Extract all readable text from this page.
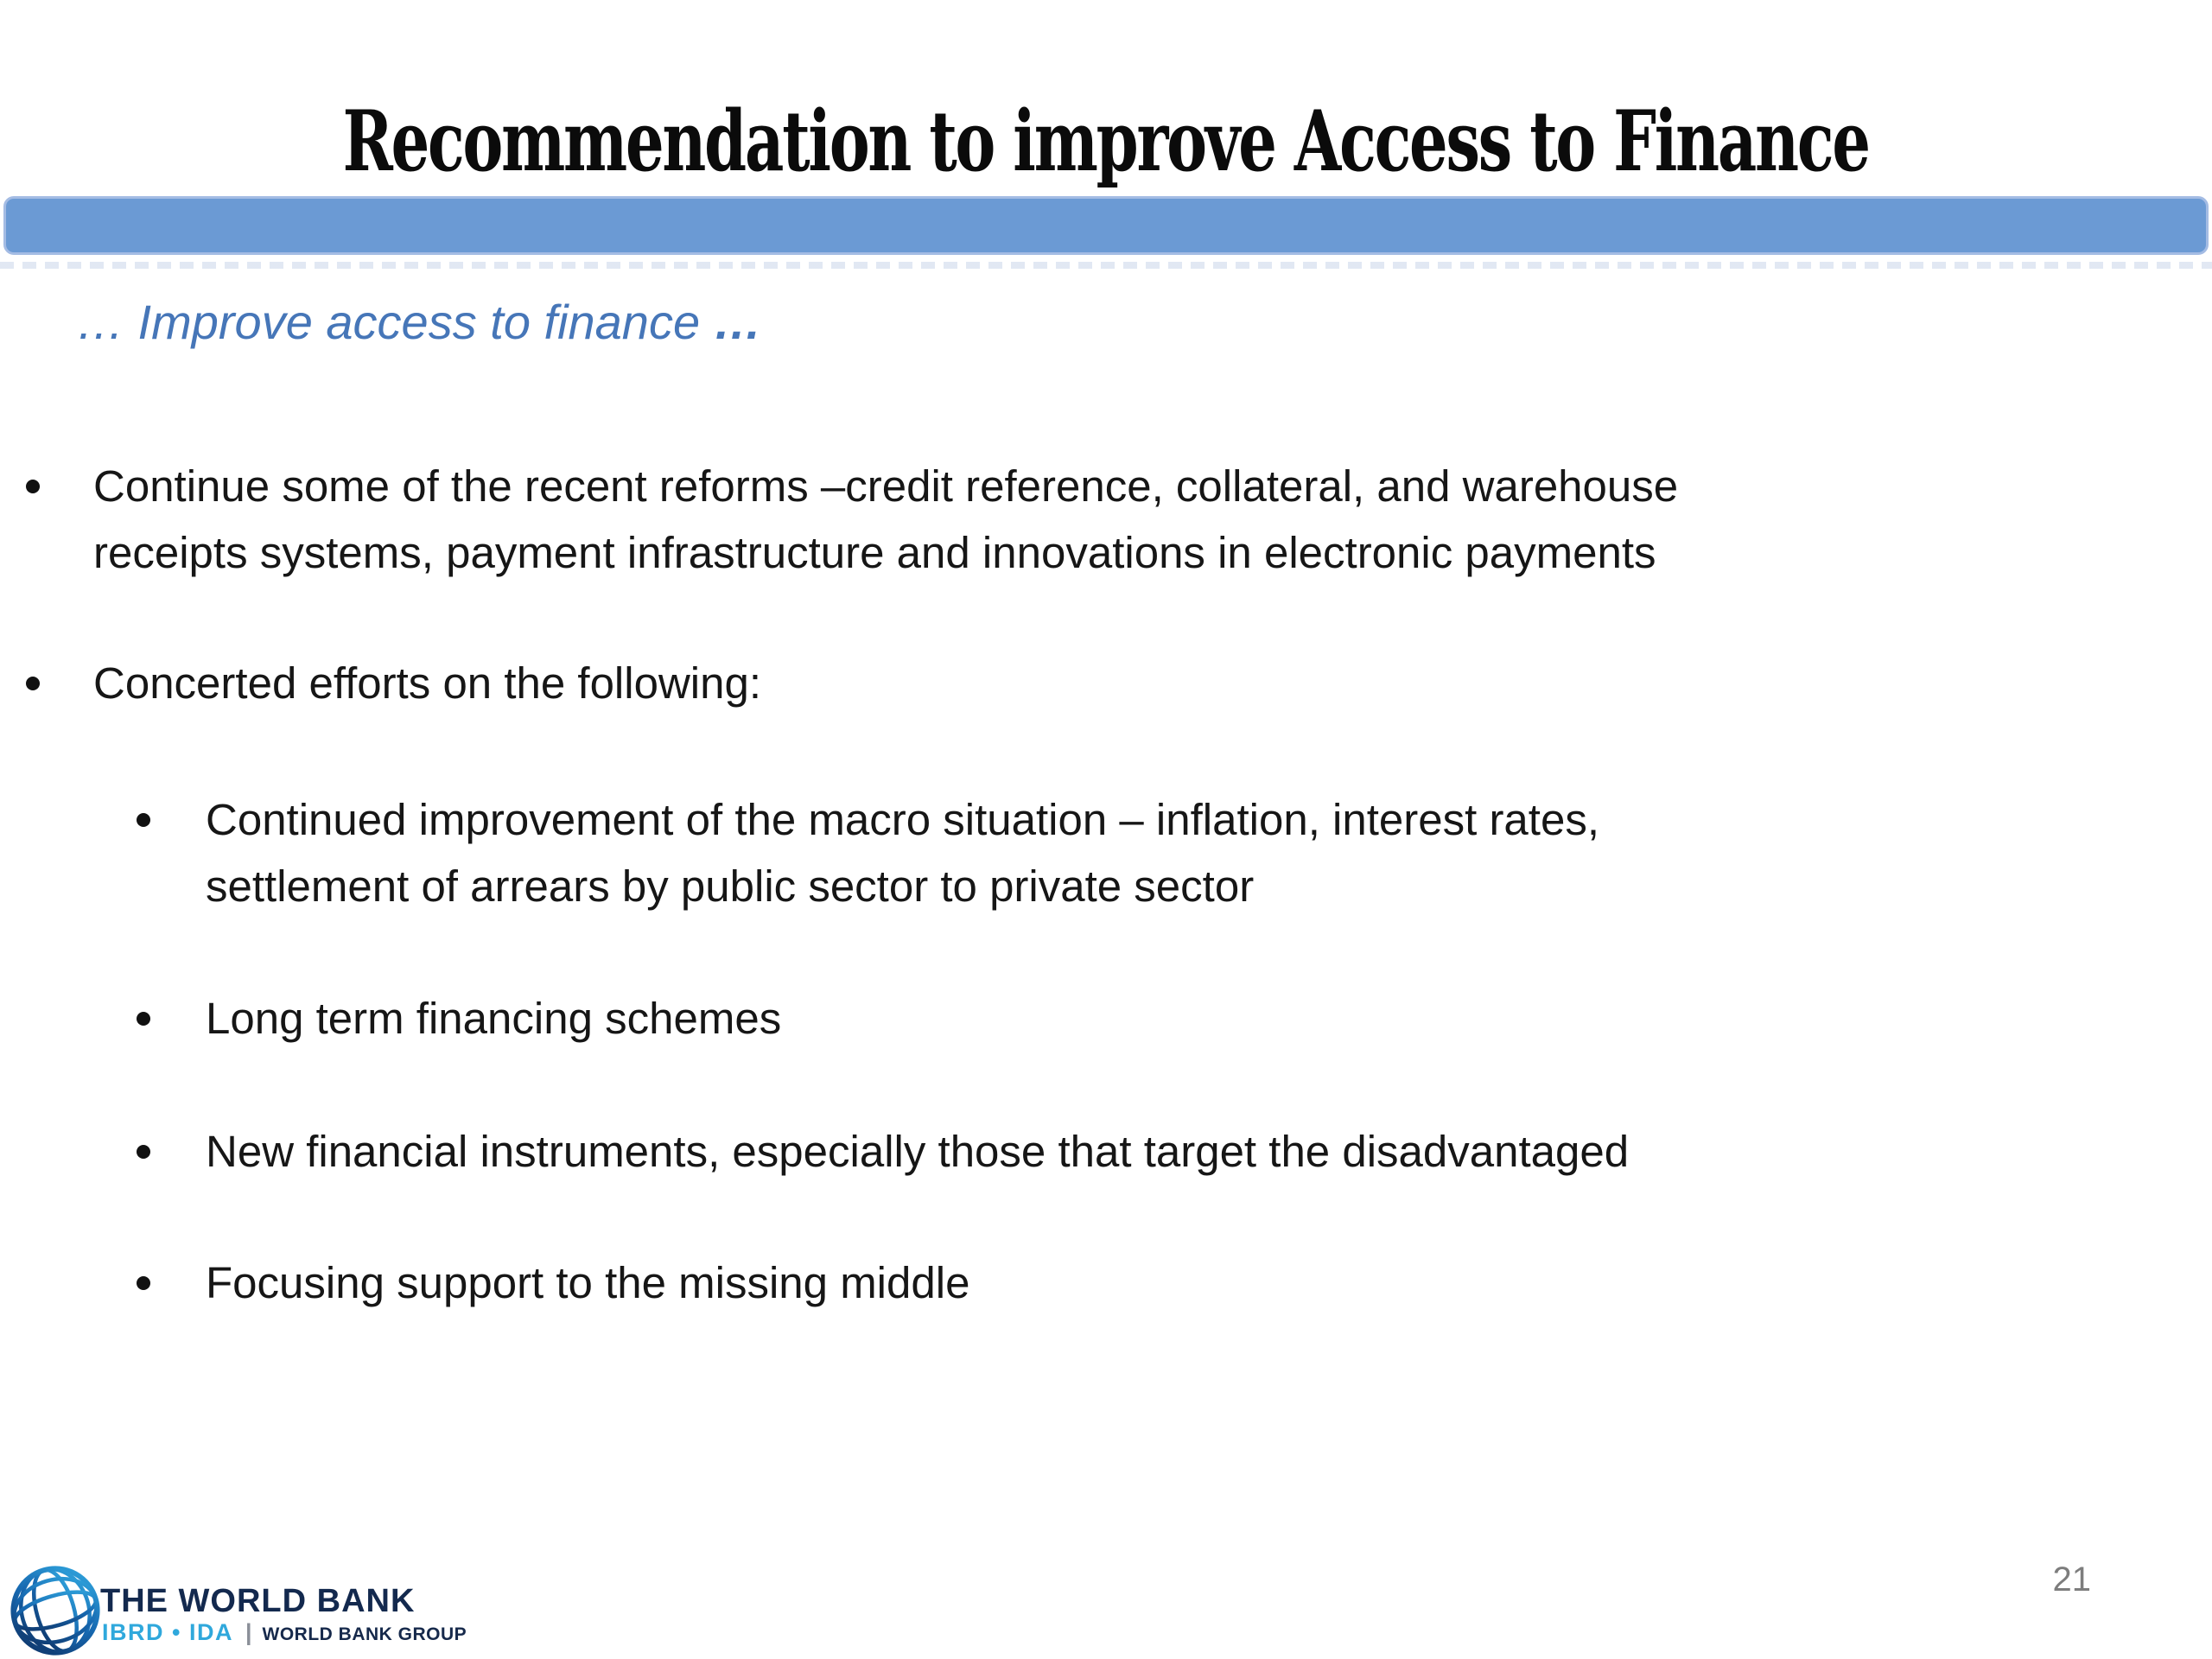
Recommendation to improve Access to Finance
… Improve access to finance …
Continue some of the recent reforms –credit reference, collateral, and warehouse
receipts systems, payment infrastructure and innovations in electronic payments
Concerted efforts on the following:
Continued improvement of the macro situation – inflation, interest rates,
settlement of arrears by public sector to private sector
Long term financing schemes
New financial instruments, especially those that target the disadvantaged
Focusing support to the missing middle
THE WORLD BANK
IBRD • IDA | WORLD BANK GROUP
21
